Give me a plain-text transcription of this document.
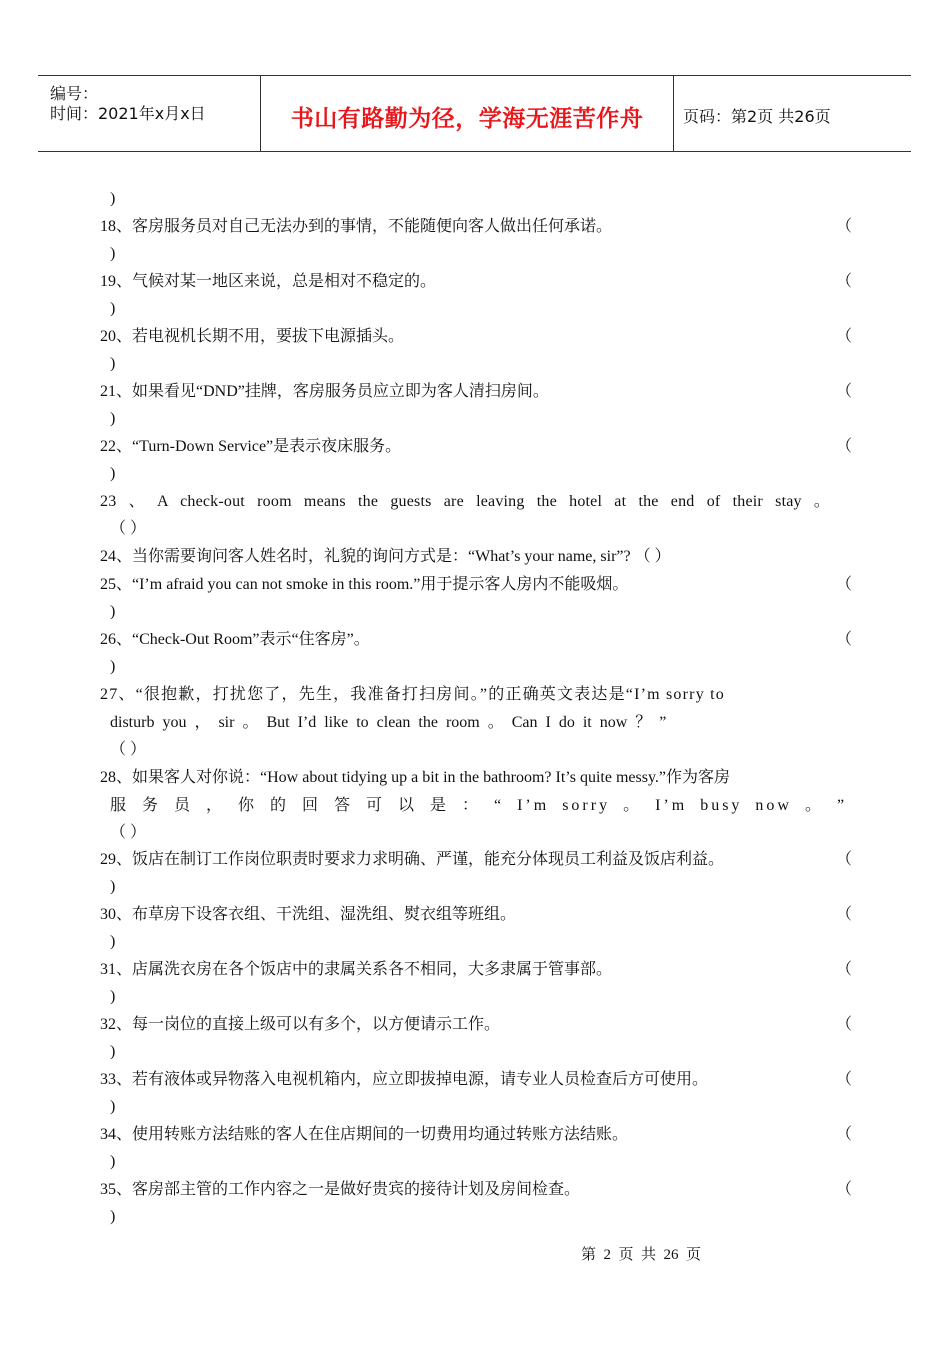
编号：
时间：2021年x月x日	书山有路勤为径，学海无涯苦作舟	页码：第2页 共26页
)
18、客房服务员对自己无法办到的事情，不能随便向客人做出任何承诺。	（
)
19、气候对某一地区来说，总是相对不稳定的。	（
)
20、若电视机长期不用，要拔下电源插头。	（
)
21、如果看见“DND”挂牌，客房服务员应立即为客人清扫房间。	（
)
22、“Turn-Down Service”是表示夜床服务。	（
)
23 、 A check-out room means the guests are leaving the hotel at the end of their stay 。
（ ）
24、当你需要询问客人姓名时，礼貌的询问方式是：“What’s your name, sir”? （ ）
25、“I’m afraid you can not smoke in this room.”用于提示客人房内不能吸烟。	（
)
26、“Check-Out Room”表示“住客房”。	（
)
27、“很抱歉，打扰您了，先生，我准备打扫房间。”的正确英文表达是“I’m sorry to
disturb you ， sir 。 But I’d like to clean the room 。 Can I do it now ？ ”
（ ）
28、如果客人对你说：“How about tidying up a bit in the bathroom? It’s quite messy.”作为客房
服 务 员 ， 你 的 回 答 可 以 是 ： “ I’m sorry 。 I’m busy now 。 ”
（ ）
29、饭店在制订工作岗位职责时要求力求明确、严谨，能充分体现员工利益及饭店利益。	（
)
30、布草房下设客衣组、干洗组、湿洗组、熨衣组等班组。	（
)
31、店属洗衣房在各个饭店中的隶属关系各不相同，大多隶属于管事部。	（
)
32、每一岗位的直接上级可以有多个，以方便请示工作。	（
)
33、若有液体或异物落入电视机箱内，应立即拔掉电源，请专业人员检查后方可使用。	（
)
34、使用转账方法结账的客人在住店期间的一切费用均通过转账方法结账。	（
)
35、客房部主管的工作内容之一是做好贵宾的接待计划及房间检查。	（
)
第  2  页  共  26  页
